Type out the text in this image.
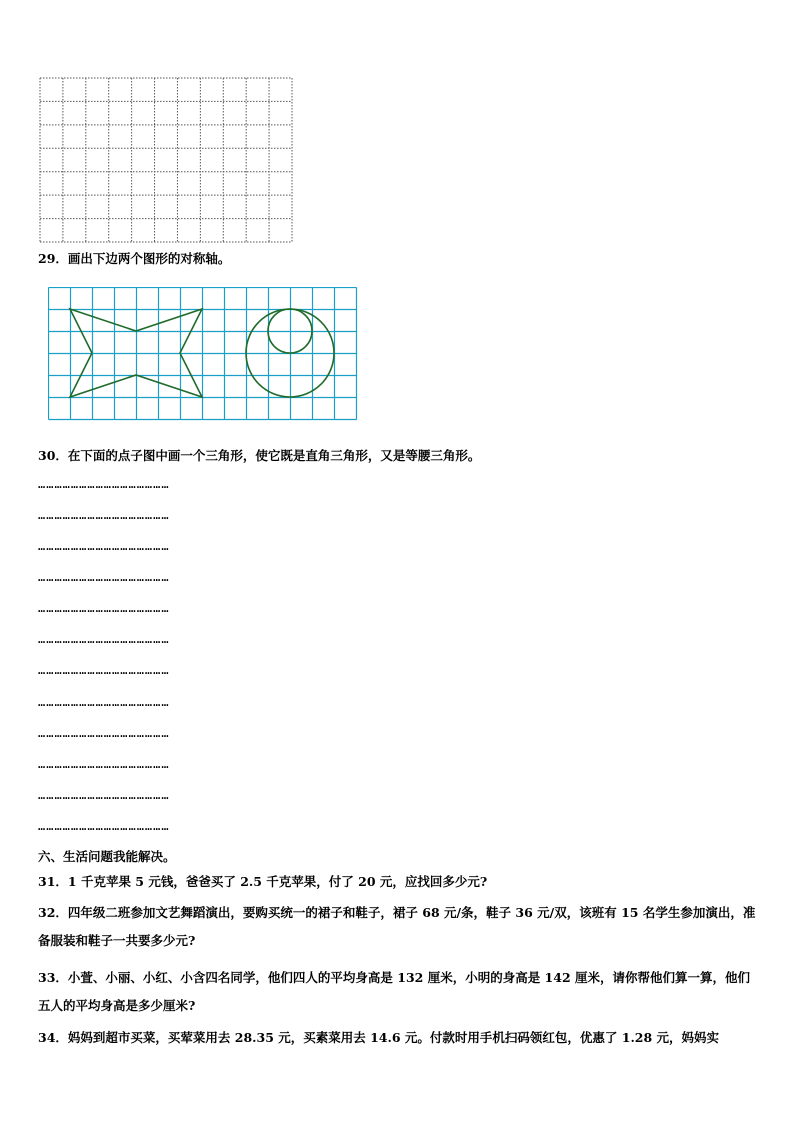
29．画出下边两个图形的对称轴。
30．在下面的点子图中画一个三角形，使它既是直角三角形，又是等腰三角形。
…………………………………………
…………………………………………
…………………………………………
…………………………………………
…………………………………………
…………………………………………
…………………………………………
…………………………………………
…………………………………………
…………………………………………
…………………………………………
…………………………………………
六、生活问题我能解决。
31．1 千克苹果 5 元钱，爸爸买了 2.5 千克苹果，付了 20 元，应找回多少元?
32．四年级二班参加文艺舞蹈演出，要购买统一的裙子和鞋子，裙子 68 元/条，鞋子 36 元/双，该班有 15 名学生参加演出，准备服装和鞋子一共要多少元?
33．小萱、小丽、小红、小含四名同学，他们四人的平均身高是 132 厘米，小明的身高是 142 厘米，请你帮他们算一算，他们五人的平均身高是多少厘米?
34．妈妈到超市买菜，买荤菜用去 28.35 元，买素菜用去 14.6 元。付款时用手机扫码领红包，优惠了 1.28 元，妈妈实
